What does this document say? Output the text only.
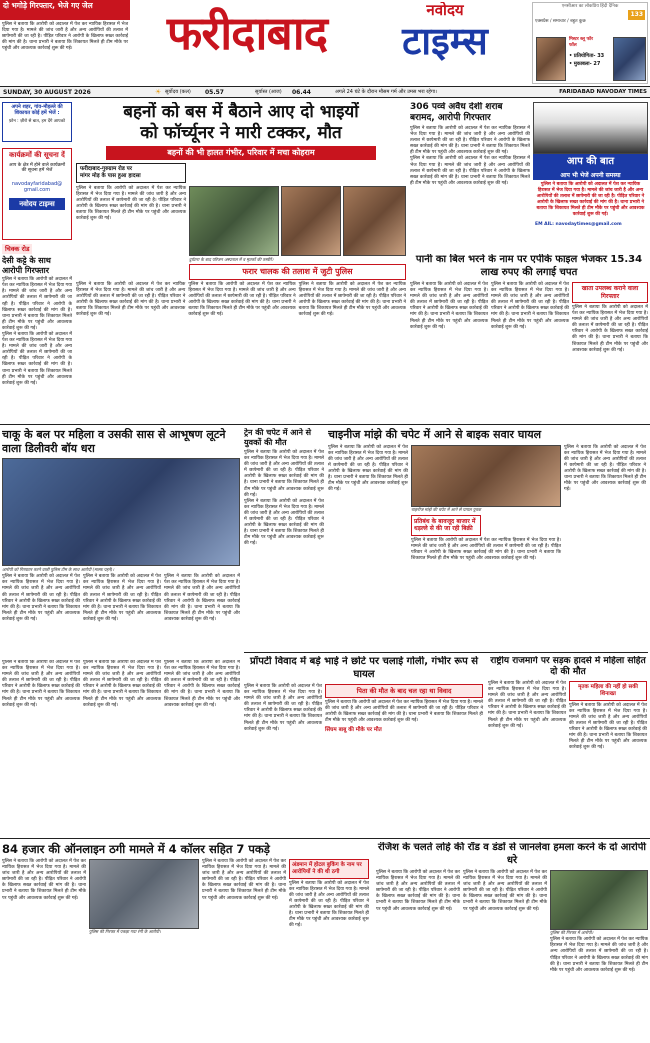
दो भगोड़े गिरफ्तार, भेजे गए जेल
पुलिस ने बताया कि आरोपी को अदालत में पेश कर न्यायिक हिरासत में भेज दिया गया है। मामले की जांच जारी है और अन्य आरोपियों की तलाश में छापेमारी की जा रही है। पीड़ित परिवार ने आरोपी के खिलाफ सख्त कार्रवाई की मांग की है। थाना प्रभारी ने बताया कि शिकायत मिलते ही टीम मौके पर पहुंची और आवश्यक कार्रवाई शुरू की गई।	फरीदाबाद	नवोदय
टाइम्स
एनसीआर का लोकप्रिय हिंदी दैनिक
133
एक्सप्रेस / समाचार / बहुत कुछ
मिस्टर ब्लू फॉर फॉल
• प्रतियोगिता- 33
• मुकाबला- 27
SUNDAY, 30 AUGUST 2026	☀ सूर्योदय (कल) 05.57	सूर्यास्त (आज) 06.44	अगले 24 घंटे के दौरान मौसम गर्म और उमस भरा रहेगा।	FARIDABAD NAVODAY TIMES
अपने शहर, गांव-मौहल्ले की शिकायत कोई हमें भेजें :
फ़ोन : ज़ीरो से बात, हम देंगे आपको
कार्यक्रमों की सूचना दें
आप के क्षेत्र में होने वाले कार्यक्रमों की सूचना हमें भेजें
navodayfaridabad@
gmail.com
नवोदय टाइम्स
चिक्क रोड
देसी कट्टे के साथ आरोपी गिरफ्तार
पुलिस ने बताया कि आरोपी को अदालत में पेश कर न्यायिक हिरासत में भेज दिया गया है। मामले की जांच जारी है और अन्य आरोपियों की तलाश में छापेमारी की जा रही है। पीड़ित परिवार ने आरोपी के खिलाफ सख्त कार्रवाई की मांग की है। थाना प्रभारी ने बताया कि शिकायत मिलते ही टीम मौके पर पहुंची और आवश्यक कार्रवाई शुरू की गई।
पुलिस ने बताया कि आरोपी को अदालत में पेश कर न्यायिक हिरासत में भेज दिया गया है। मामले की जांच जारी है और अन्य आरोपियों की तलाश में छापेमारी की जा रही है। पीड़ित परिवार ने आरोपी के खिलाफ सख्त कार्रवाई की मांग की है। थाना प्रभारी ने बताया कि शिकायत मिलते ही टीम मौके पर पहुंची और आवश्यक कार्रवाई शुरू की गई।
बहनों को बस में बैठाने आए दो भाइयों
को फॉर्च्यूनर ने मारी टक्कर, मौत
बहनों की भी हालत गंभीर, परिवार में मचा कोहराम
फरीदाबाद-गुरुग्राम रोड पर
मांगर मोड़ के पास हुआ हादसा
पुलिस ने बताया कि आरोपी को अदालत में पेश कर न्यायिक हिरासत में भेज दिया गया है। मामले की जांच जारी है और अन्य आरोपियों की तलाश में छापेमारी की जा रही है। पीड़ित परिवार ने आरोपी के खिलाफ सख्त कार्रवाई की मांग की है। थाना प्रभारी ने बताया कि शिकायत मिलते ही टीम मौके पर पहुंची और आवश्यक कार्रवाई शुरू की गई।
दुर्घटना के बाद परिजन अस्पताल में व मृतकों की तस्वीरें।
फरार चालक की तलाश में जुटी पुलिस
पुलिस ने बताया कि आरोपी को अदालत में पेश कर न्यायिक हिरासत में भेज दिया गया है। मामले की जांच जारी है और अन्य आरोपियों की तलाश में छापेमारी की जा रही है। पीड़ित परिवार ने आरोपी के खिलाफ सख्त कार्रवाई की मांग की है। थाना प्रभारी ने बताया कि शिकायत मिलते ही टीम मौके पर पहुंची और आवश्यक कार्रवाई शुरू की गई।
पुलिस ने बताया कि आरोपी को अदालत में पेश कर न्यायिक हिरासत में भेज दिया गया है। मामले की जांच जारी है और अन्य आरोपियों की तलाश में छापेमारी की जा रही है। पीड़ित परिवार ने आरोपी के खिलाफ सख्त कार्रवाई की मांग की है। थाना प्रभारी ने बताया कि शिकायत मिलते ही टीम मौके पर पहुंची और आवश्यक कार्रवाई शुरू की गई।
पुलिस ने बताया कि आरोपी को अदालत में पेश कर न्यायिक हिरासत में भेज दिया गया है। मामले की जांच जारी है और अन्य आरोपियों की तलाश में छापेमारी की जा रही है। पीड़ित परिवार ने आरोपी के खिलाफ सख्त कार्रवाई की मांग की है। थाना प्रभारी ने बताया कि शिकायत मिलते ही टीम मौके पर पहुंची और आवश्यक कार्रवाई शुरू की गई।
306 पव्वे अवैध देशी शराब बरामद, आरोपी गिरफ्तार
पुलिस ने बताया कि आरोपी को अदालत में पेश कर न्यायिक हिरासत में भेज दिया गया है। मामले की जांच जारी है और अन्य आरोपियों की तलाश में छापेमारी की जा रही है। पीड़ित परिवार ने आरोपी के खिलाफ सख्त कार्रवाई की मांग की है। थाना प्रभारी ने बताया कि शिकायत मिलते ही टीम मौके पर पहुंची और आवश्यक कार्रवाई शुरू की गई।
पुलिस ने बताया कि आरोपी को अदालत में पेश कर न्यायिक हिरासत में भेज दिया गया है। मामले की जांच जारी है और अन्य आरोपियों की तलाश में छापेमारी की जा रही है। पीड़ित परिवार ने आरोपी के खिलाफ सख्त कार्रवाई की मांग की है। थाना प्रभारी ने बताया कि शिकायत मिलते ही टीम मौके पर पहुंची और आवश्यक कार्रवाई शुरू की गई।
आप की बात
आप भी भेजें अपनी समस्या
पुलिस ने बताया कि आरोपी को अदालत में पेश कर न्यायिक हिरासत में भेज दिया गया है। मामले की जांच जारी है और अन्य आरोपियों की तलाश में छापेमारी की जा रही है। पीड़ित परिवार ने आरोपी के खिलाफ सख्त कार्रवाई की मांग की है। थाना प्रभारी ने बताया कि शिकायत मिलते ही टीम मौके पर पहुंची और आवश्यक कार्रवाई शुरू की गई।
EM AIL: navodaytimes@gmail.com
पानी का बिल भरने के नाम पर एपीके फाइल भेजकर 15.34 लाख रुपए की लगाई चपत
पुलिस ने बताया कि आरोपी को अदालत में पेश कर न्यायिक हिरासत में भेज दिया गया है। मामले की जांच जारी है और अन्य आरोपियों की तलाश में छापेमारी की जा रही है। पीड़ित परिवार ने आरोपी के खिलाफ सख्त कार्रवाई की मांग की है। थाना प्रभारी ने बताया कि शिकायत मिलते ही टीम मौके पर पहुंची और आवश्यक कार्रवाई शुरू की गई।
पुलिस ने बताया कि आरोपी को अदालत में पेश कर न्यायिक हिरासत में भेज दिया गया है। मामले की जांच जारी है और अन्य आरोपियों की तलाश में छापेमारी की जा रही है। पीड़ित परिवार ने आरोपी के खिलाफ सख्त कार्रवाई की मांग की है। थाना प्रभारी ने बताया कि शिकायत मिलते ही टीम मौके पर पहुंची और आवश्यक कार्रवाई शुरू की गई।
खाता उपलब्ध कराने वाला गिरफ्तार
पुलिस ने बताया कि आरोपी को अदालत में पेश कर न्यायिक हिरासत में भेज दिया गया है। मामले की जांच जारी है और अन्य आरोपियों की तलाश में छापेमारी की जा रही है। पीड़ित परिवार ने आरोपी के खिलाफ सख्त कार्रवाई की मांग की है। थाना प्रभारी ने बताया कि शिकायत मिलते ही टीम मौके पर पहुंची और आवश्यक कार्रवाई शुरू की गई।
चाकू के बल पर महिला व उसकी सास से आभूषण लूटने वाला डिलीवरी बॉय धरा
आरोपी को गिरफ्तार करने वाली पुलिस टीम के साथ आरोपी (मास्क पहने)।
पुलिस ने बताया कि आरोपी को अदालत में पेश कर न्यायिक हिरासत में भेज दिया गया है। मामले की जांच जारी है और अन्य आरोपियों की तलाश में छापेमारी की जा रही है। पीड़ित परिवार ने आरोपी के खिलाफ सख्त कार्रवाई की मांग की है। थाना प्रभारी ने बताया कि शिकायत मिलते ही टीम मौके पर पहुंची और आवश्यक कार्रवाई शुरू की गई।
पुलिस ने बताया कि आरोपी को अदालत में पेश कर न्यायिक हिरासत में भेज दिया गया है। मामले की जांच जारी है और अन्य आरोपियों की तलाश में छापेमारी की जा रही है। पीड़ित परिवार ने आरोपी के खिलाफ सख्त कार्रवाई की मांग की है। थाना प्रभारी ने बताया कि शिकायत मिलते ही टीम मौके पर पहुंची और आवश्यक कार्रवाई शुरू की गई।
पुलिस ने बताया कि आरोपी को अदालत में पेश कर न्यायिक हिरासत में भेज दिया गया है। मामले की जांच जारी है और अन्य आरोपियों की तलाश में छापेमारी की जा रही है। पीड़ित परिवार ने आरोपी के खिलाफ सख्त कार्रवाई की मांग की है। थाना प्रभारी ने बताया कि शिकायत मिलते ही टीम मौके पर पहुंची और आवश्यक कार्रवाई शुरू की गई।
ट्रेन की चपेट में आने से युवकों की मौत
पुलिस ने बताया कि आरोपी को अदालत में पेश कर न्यायिक हिरासत में भेज दिया गया है। मामले की जांच जारी है और अन्य आरोपियों की तलाश में छापेमारी की जा रही है। पीड़ित परिवार ने आरोपी के खिलाफ सख्त कार्रवाई की मांग की है। थाना प्रभारी ने बताया कि शिकायत मिलते ही टीम मौके पर पहुंची और आवश्यक कार्रवाई शुरू की गई।
पुलिस ने बताया कि आरोपी को अदालत में पेश कर न्यायिक हिरासत में भेज दिया गया है। मामले की जांच जारी है और अन्य आरोपियों की तलाश में छापेमारी की जा रही है। पीड़ित परिवार ने आरोपी के खिलाफ सख्त कार्रवाई की मांग की है। थाना प्रभारी ने बताया कि शिकायत मिलते ही टीम मौके पर पहुंची और आवश्यक कार्रवाई शुरू की गई।
चाइनीज मांझे की चपेट में आने से बाइक सवार घायल
पुलिस ने बताया कि आरोपी को अदालत में पेश कर न्यायिक हिरासत में भेज दिया गया है। मामले की जांच जारी है और अन्य आरोपियों की तलाश में छापेमारी की जा रही है। पीड़ित परिवार ने आरोपी के खिलाफ सख्त कार्रवाई की मांग की है। थाना प्रभारी ने बताया कि शिकायत मिलते ही टीम मौके पर पहुंची और आवश्यक कार्रवाई शुरू की गई।
चाइनीज मांझे की चपेट में आने से घायल युवक
प्रतिबंध के बावजूद बाजार में धड़ल्ले से की जा रही बिक्री
पुलिस ने बताया कि आरोपी को अदालत में पेश कर न्यायिक हिरासत में भेज दिया गया है। मामले की जांच जारी है और अन्य आरोपियों की तलाश में छापेमारी की जा रही है। पीड़ित परिवार ने आरोपी के खिलाफ सख्त कार्रवाई की मांग की है। थाना प्रभारी ने बताया कि शिकायत मिलते ही टीम मौके पर पहुंची और आवश्यक कार्रवाई शुरू की गई।
पुलिस ने बताया कि आरोपी को अदालत में पेश कर न्यायिक हिरासत में भेज दिया गया है। मामले की जांच जारी है और अन्य आरोपियों की तलाश में छापेमारी की जा रही है। पीड़ित परिवार ने आरोपी के खिलाफ सख्त कार्रवाई की मांग की है। थाना प्रभारी ने बताया कि शिकायत मिलते ही टीम मौके पर पहुंची और आवश्यक कार्रवाई शुरू की गई।
प्रॉपर्टी विवाद में बड़े भाई ने छोटे पर चलाई गोली, गंभीर रूप से घायल
पुलिस ने बताया कि आरोपी को अदालत में पेश कर न्यायिक हिरासत में भेज दिया गया है। मामले की जांच जारी है और अन्य आरोपियों की तलाश में छापेमारी की जा रही है। पीड़ित परिवार ने आरोपी के खिलाफ सख्त कार्रवाई की मांग की है। थाना प्रभारी ने बताया कि शिकायत मिलते ही टीम मौके पर पहुंची और आवश्यक कार्रवाई शुरू की गई।
पिता की मौत के बाद चल रहा था विवाद
पुलिस ने बताया कि आरोपी को अदालत में पेश कर न्यायिक हिरासत में भेज दिया गया है। मामले की जांच जारी है और अन्य आरोपियों की तलाश में छापेमारी की जा रही है। पीड़ित परिवार ने आरोपी के खिलाफ सख्त कार्रवाई की मांग की है। थाना प्रभारी ने बताया कि शिकायत मिलते ही टीम मौके पर पहुंची और आवश्यक कार्रवाई शुरू की गई।
सिंघम बाबू की मौके पर मौत
राष्ट्रीय राजमार्ग पर सड़क हादसे में महिला सहित दो की मौत
पुलिस ने बताया कि आरोपी को अदालत में पेश कर न्यायिक हिरासत में भेज दिया गया है। मामले की जांच जारी है और अन्य आरोपियों की तलाश में छापेमारी की जा रही है। पीड़ित परिवार ने आरोपी के खिलाफ सख्त कार्रवाई की मांग की है। थाना प्रभारी ने बताया कि शिकायत मिलते ही टीम मौके पर पहुंची और आवश्यक कार्रवाई शुरू की गई।
मृतक महिला की नहीं हो सकी शिनाख्त
पुलिस ने बताया कि आरोपी को अदालत में पेश कर न्यायिक हिरासत में भेज दिया गया है। मामले की जांच जारी है और अन्य आरोपियों की तलाश में छापेमारी की जा रही है। पीड़ित परिवार ने आरोपी के खिलाफ सख्त कार्रवाई की मांग की है। थाना प्रभारी ने बताया कि शिकायत मिलते ही टीम मौके पर पहुंची और आवश्यक कार्रवाई शुरू की गई।
84 हजार की ऑनलाइन ठगी मामले में 4 कॉलर सहित 7 पकड़े
पुलिस ने बताया कि आरोपी को अदालत में पेश कर न्यायिक हिरासत में भेज दिया गया है। मामले की जांच जारी है और अन्य आरोपियों की तलाश में छापेमारी की जा रही है। पीड़ित परिवार ने आरोपी के खिलाफ सख्त कार्रवाई की मांग की है। थाना प्रभारी ने बताया कि शिकायत मिलते ही टीम मौके पर पहुंची और आवश्यक कार्रवाई शुरू की गई।
पुलिस की गिरफ्त में पकड़ा गया रंगी के आरोपी।
पुलिस ने बताया कि आरोपी को अदालत में पेश कर न्यायिक हिरासत में भेज दिया गया है। मामले की जांच जारी है और अन्य आरोपियों की तलाश में छापेमारी की जा रही है। पीड़ित परिवार ने आरोपी के खिलाफ सख्त कार्रवाई की मांग की है। थाना प्रभारी ने बताया कि शिकायत मिलते ही टीम मौके पर पहुंची और आवश्यक कार्रवाई शुरू की गई।
अंडमान में होटल बुकिंग के नाम पर आरोपियों ने की थी ठगी
पुलिस ने बताया कि आरोपी को अदालत में पेश कर न्यायिक हिरासत में भेज दिया गया है। मामले की जांच जारी है और अन्य आरोपियों की तलाश में छापेमारी की जा रही है। पीड़ित परिवार ने आरोपी के खिलाफ सख्त कार्रवाई की मांग की है। थाना प्रभारी ने बताया कि शिकायत मिलते ही टीम मौके पर पहुंची और आवश्यक कार्रवाई शुरू की गई।
रंजिश के चलते लोहे की रॉड व डंडों से जानलेवा हमला करने के दो आरोपी धरे
पुलिस ने बताया कि आरोपी को अदालत में पेश कर न्यायिक हिरासत में भेज दिया गया है। मामले की जांच जारी है और अन्य आरोपियों की तलाश में छापेमारी की जा रही है। पीड़ित परिवार ने आरोपी के खिलाफ सख्त कार्रवाई की मांग की है। थाना प्रभारी ने बताया कि शिकायत मिलते ही टीम मौके पर पहुंची और आवश्यक कार्रवाई शुरू की गई।
पुलिस ने बताया कि आरोपी को अदालत में पेश कर न्यायिक हिरासत में भेज दिया गया है। मामले की जांच जारी है और अन्य आरोपियों की तलाश में छापेमारी की जा रही है। पीड़ित परिवार ने आरोपी के खिलाफ सख्त कार्रवाई की मांग की है। थाना प्रभारी ने बताया कि शिकायत मिलते ही टीम मौके पर पहुंची और आवश्यक कार्रवाई शुरू की गई।
पुलिस की गिरफ्त में आरोपी।
पुलिस ने बताया कि आरोपी को अदालत में पेश कर न्यायिक हिरासत में भेज दिया गया है। मामले की जांच जारी है और अन्य आरोपियों की तलाश में छापेमारी की जा रही है। पीड़ित परिवार ने आरोपी के खिलाफ सख्त कार्रवाई की मांग की है। थाना प्रभारी ने बताया कि शिकायत मिलते ही टीम मौके पर पहुंची और आवश्यक कार्रवाई शुरू की गई।
पुलिस ने बताया कि आरोपी को अदालत में पेश कर न्यायिक हिरासत में भेज दिया गया है। मामले की जांच जारी है और अन्य आरोपियों की तलाश में छापेमारी की जा रही है। पीड़ित परिवार ने आरोपी के खिलाफ सख्त कार्रवाई की मांग की है। थाना प्रभारी ने बताया कि शिकायत मिलते ही टीम मौके पर पहुंची और आवश्यक कार्रवाई शुरू की गई।
पुलिस ने बताया कि आरोपी को अदालत में पेश कर न्यायिक हिरासत में भेज दिया गया है। मामले की जांच जारी है और अन्य आरोपियों की तलाश में छापेमारी की जा रही है। पीड़ित परिवार ने आरोपी के खिलाफ सख्त कार्रवाई की मांग की है। थाना प्रभारी ने बताया कि शिकायत मिलते ही टीम मौके पर पहुंची और आवश्यक कार्रवाई शुरू की गई।
पुलिस ने बताया कि आरोपी को अदालत में पेश कर न्यायिक हिरासत में भेज दिया गया है। मामले की जांच जारी है और अन्य आरोपियों की तलाश में छापेमारी की जा रही है। पीड़ित परिवार ने आरोपी के खिलाफ सख्त कार्रवाई की मांग की है। थाना प्रभारी ने बताया कि शिकायत मिलते ही टीम मौके पर पहुंची और आवश्यक कार्रवाई शुरू की गई।
